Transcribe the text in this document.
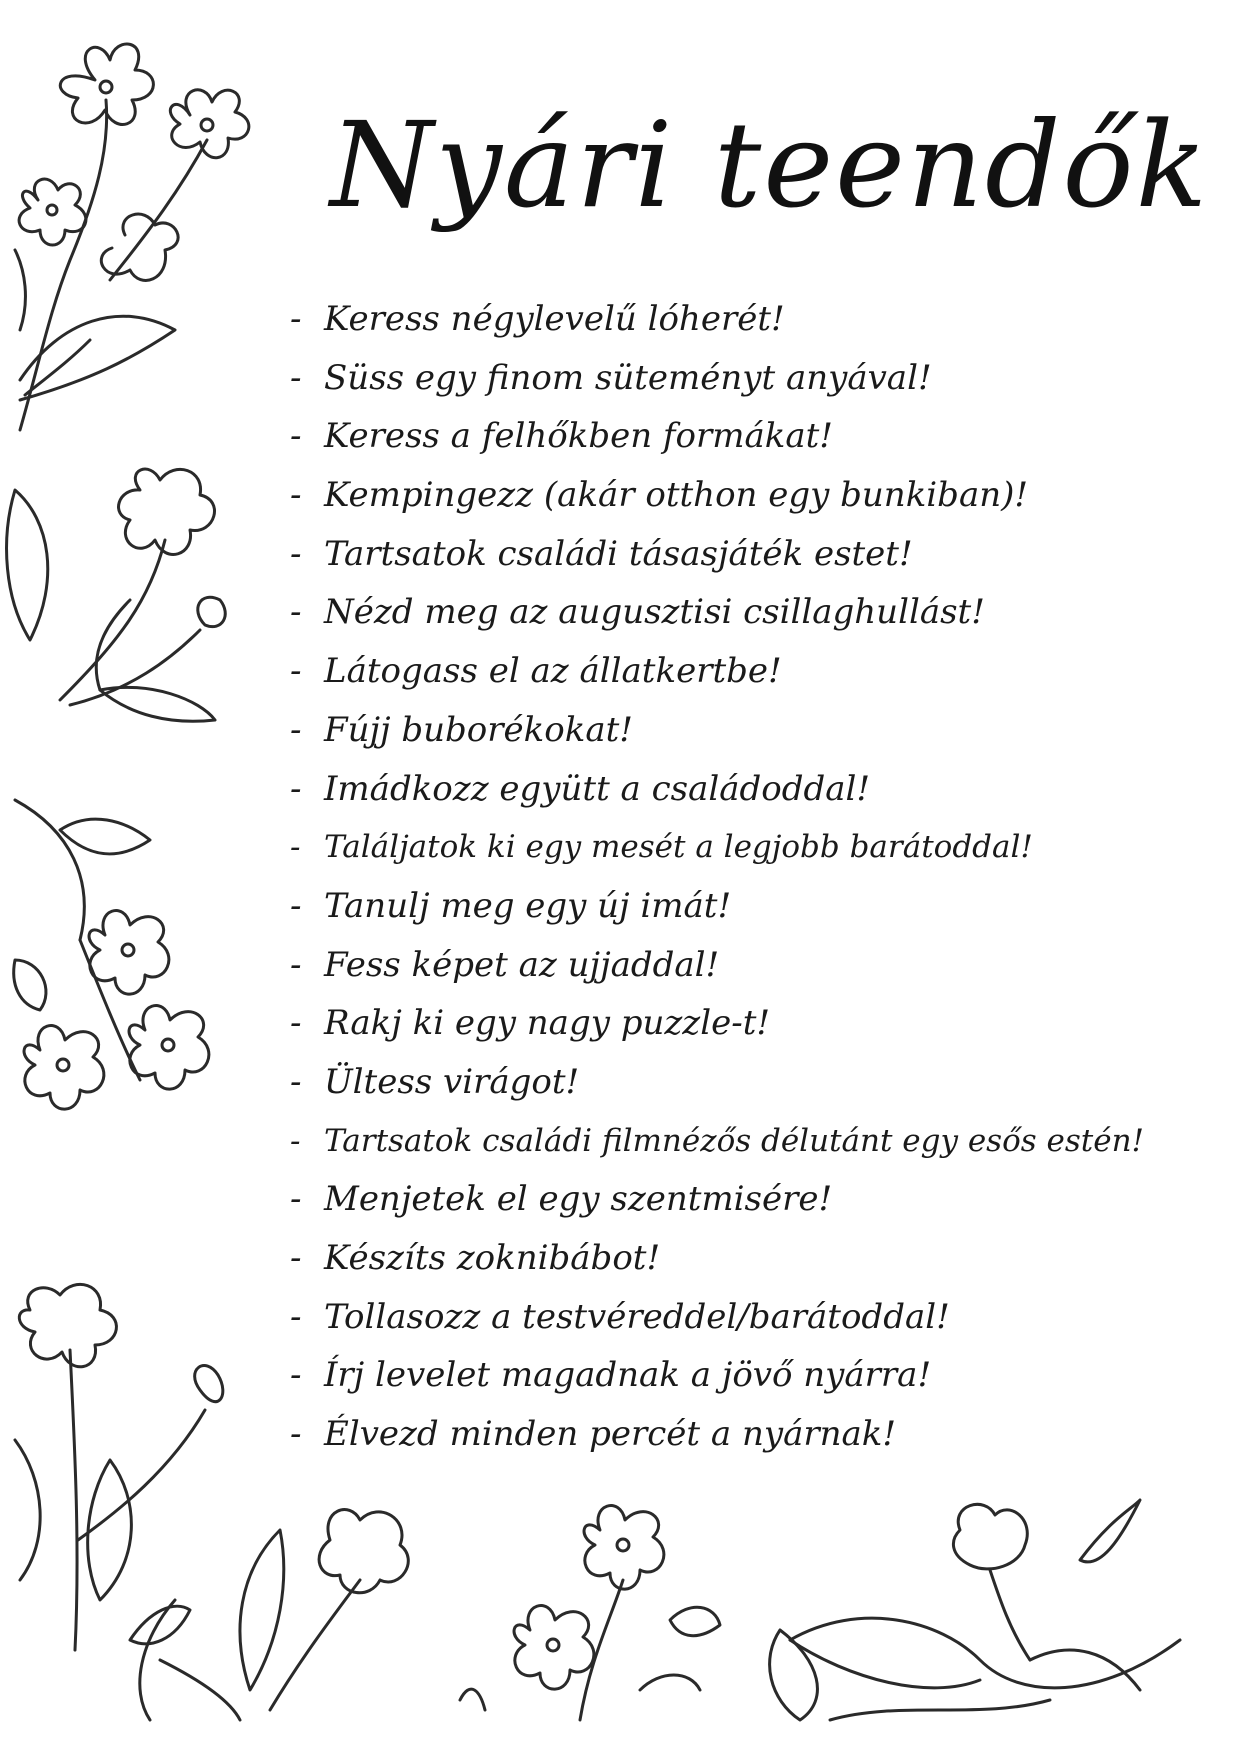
Nyári teendők
- Keress négylevelű lóherét!
- Süss egy finom süteményt anyával!
- Keress a felhőkben formákat!
- Kempingezz (akár otthon egy bunkiban)!
- Tartsatok családi tásasjáték estet!
- Nézd meg az augusztisi csillaghullást!
- Látogass el az állatkertbe!
- Fújj buborékokat!
- Imádkozz együtt a családoddal!
- Találjatok ki egy mesét a legjobb barátoddal!
- Tanulj meg egy új imát!
- Fess képet az ujjaddal!
- Rakj ki egy nagy puzzle-t!
- Ültess virágot!
- Tartsatok családi filmnézős délutánt egy esős estén!
- Menjetek el egy szentmisére!
- Készíts zoknibábot!
- Tollasozz a testvéreddel/barátoddal!
- Írj levelet magadnak a jövő nyárra!
- Élvezd minden percét a nyárnak!
